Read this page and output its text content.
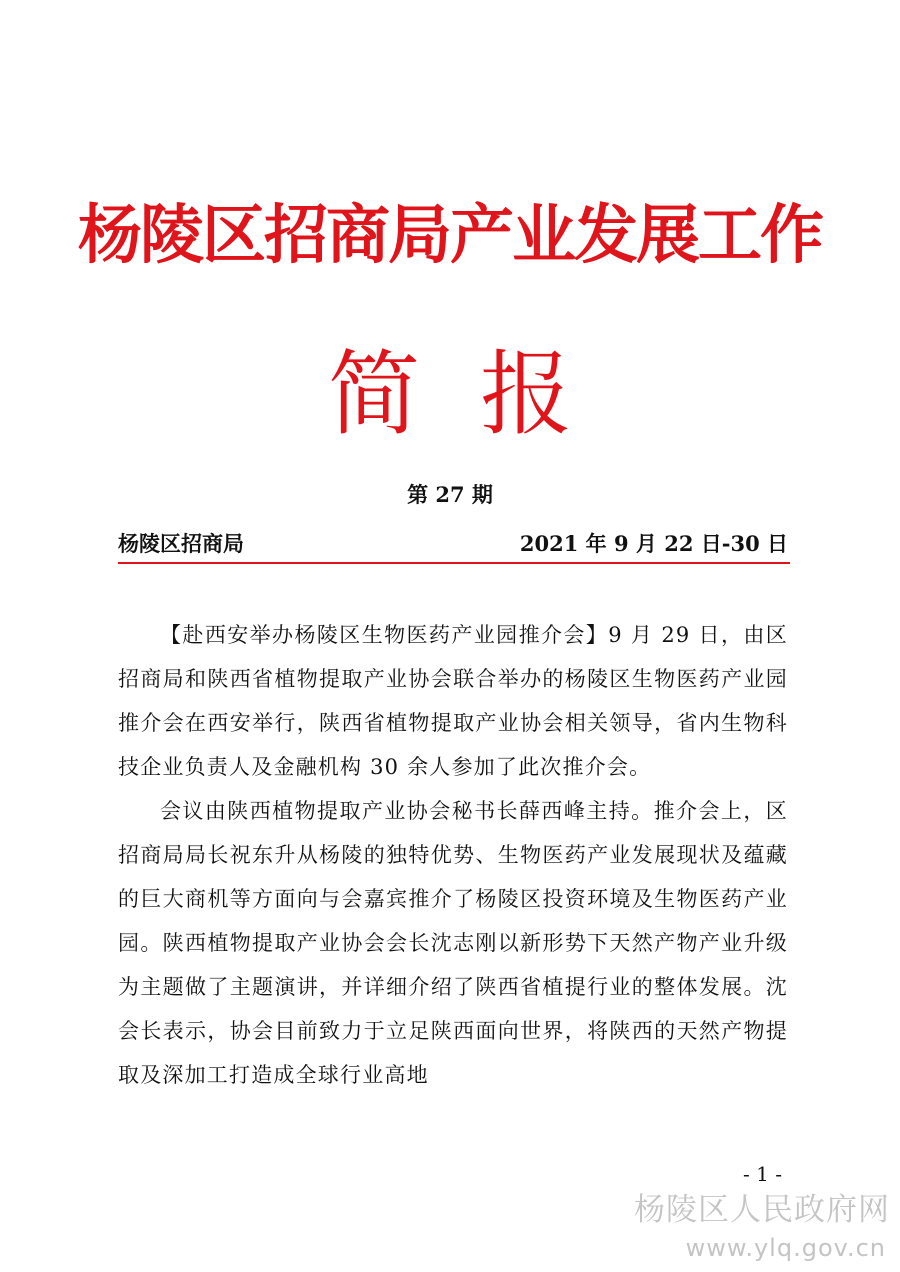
杨陵区招商局产业发展工作
简报
第 27 期
杨陵区招商局	2021 年 9 月 22 日-30 日

【赴西安举办杨陵区生物医药产业园推介会】9 月 29 日，由区招商局和陕西省植物提取产业协会联合举办的杨陵区生物医药产业园推介会在西安举行，陕西省植物提取产业协会相关领导，省内生物科技企业负责人及金融机构 30 余人参加了此次推介会。

会议由陕西植物提取产业协会秘书长薛西峰主持。推介会上，区招商局局长祝东升从杨陵的独特优势、生物医药产业发展现状及蕴藏的巨大商机等方面向与会嘉宾推介了杨陵区投资环境及生物医药产业园。陕西植物提取产业协会会长沈志刚以新形势下天然产物产业升级为主题做了主题演讲，并详细介绍了陕西省植提行业的整体发展。沈会长表示，协会目前致力于立足陕西面向世界，将陕西的天然产物提取及深加工打造成全球行业高地

- 1 -
杨陵区人民政府网
www.ylq.gov.cn
